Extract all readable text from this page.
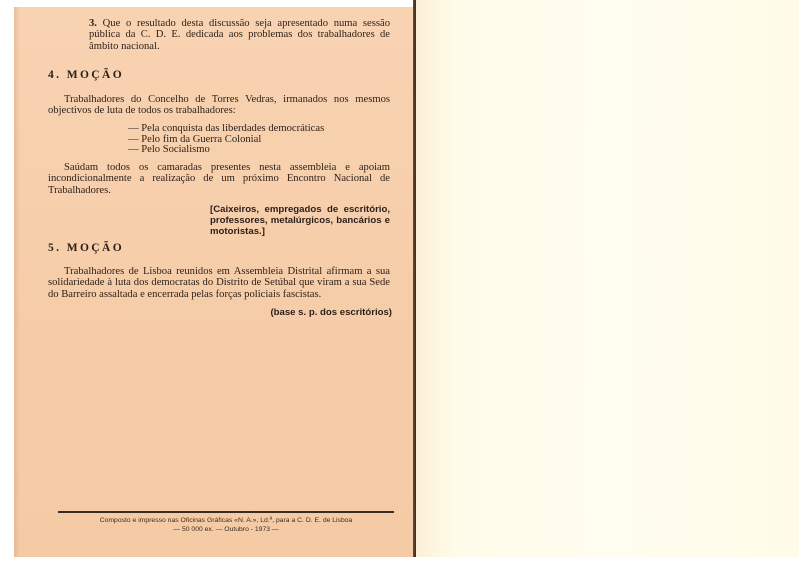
3. Que o resultado desta discussão seja apresentado numa sessão pública da C. D. E. dedicada aos problemas dos trabalhadores de âmbito nacional.
4. MOÇÃO
Trabalhadores do Concelho de Torres Vedras, irmanados nos mesmos objectivos de luta de todos os trabalhadores:
— Pela conquista das liberdades democráticas
— Pelo fim da Guerra Colonial
— Pelo Socialismo
Saúdam todos os camaradas presentes nesta assembleia e apoiam incondicionalmente a realização de um próximo Encontro Nacional de Trabalhadores.
[Caixeiros, empregados de escritório, professores, metalúrgicos, bancários e motoristas.]
5. MOÇÃO
Trabalhadores de Lisboa reunidos em Assembleia Distrital afirmam a sua solidariedade à luta dos democratas do Distrito de Setúbal que viram a sua Sede do Barreiro assaltada e encerrada pelas forças policiais fascistas.
(base s. p. dos escritórios)
Composto e impresso nas Oficinas Gráficas «N. A.», Ld.ª, para a C. D. E. de Lisboa
— 50 000 ex. — Outubro - 1973 —
